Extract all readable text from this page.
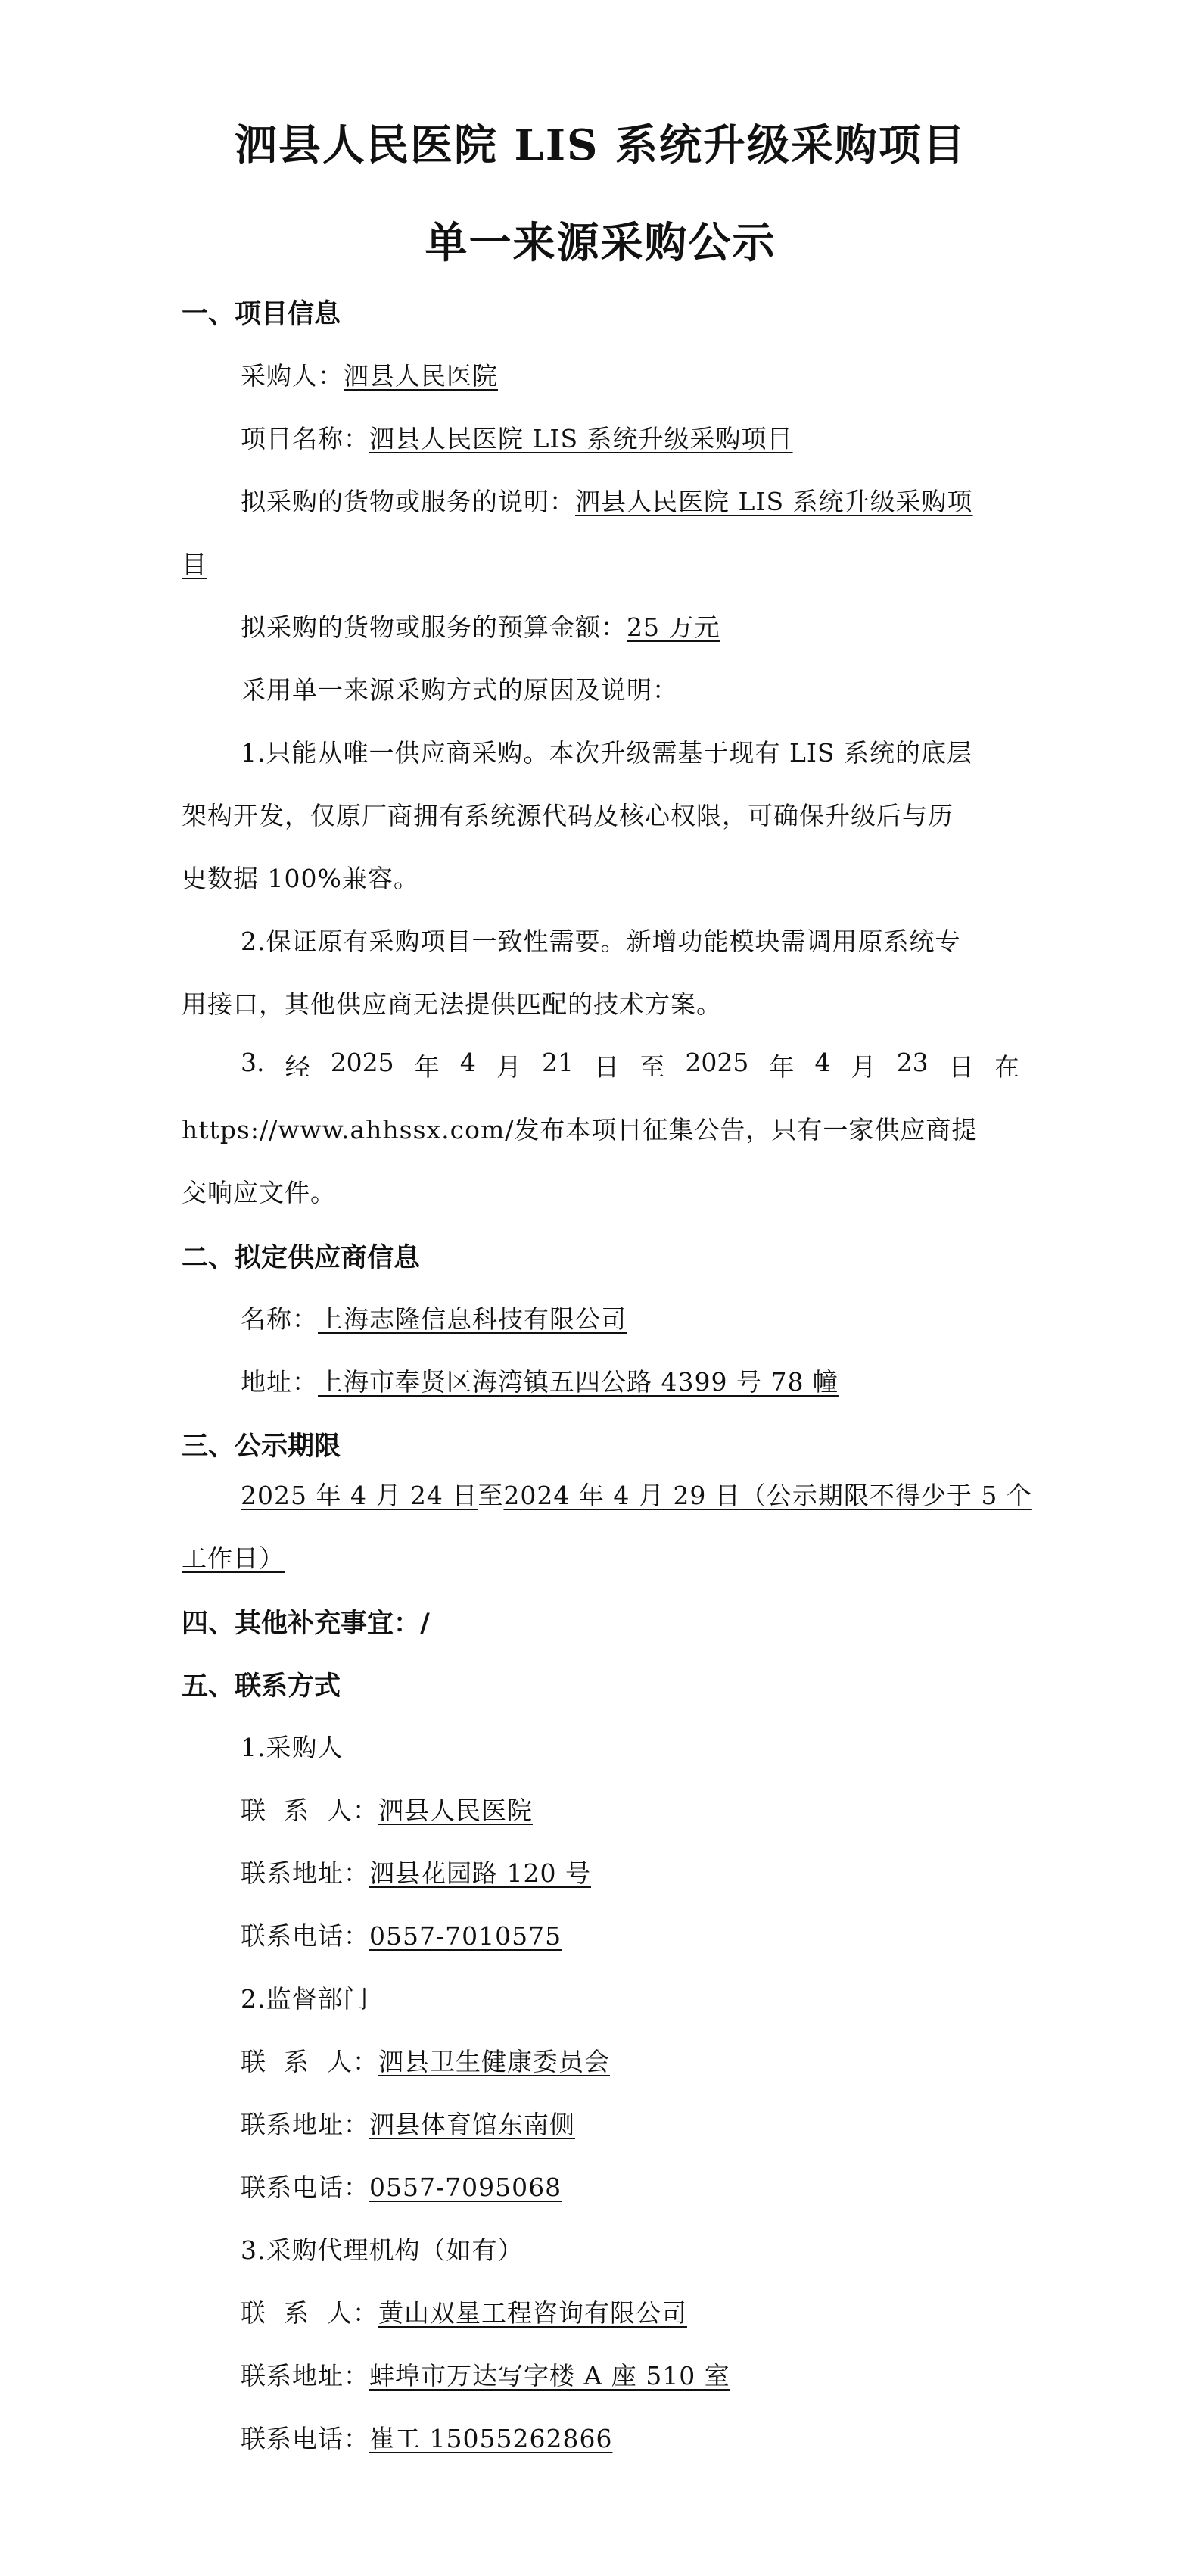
泗县人民医院 LIS 系统升级采购项目
单一来源采购公示
一、项目信息
采购人：泗县人民医院
项目名称：泗县人民医院 LIS 系统升级采购项目
拟采购的货物或服务的说明：泗县人民医院 LIS 系统升级采购项
目
拟采购的货物或服务的预算金额：25 万元
采用单一来源采购方式的原因及说明：
1.只能从唯一供应商采购。本次升级需基于现有 LIS 系统的底层
架构开发，仅原厂商拥有系统源代码及核心权限，可确保升级后与历
史数据 100%兼容。
2.保证原有采购项目一致性需要。新增功能模块需调用原系统专
用接口，其他供应商无法提供匹配的技术方案。
3. 经 2025 年 4 月 21 日 至 2025 年 4 月 23 日 在
https://www.ahhssx.com/发布本项目征集公告，只有一家供应商提
交响应文件。
二、拟定供应商信息
名称：上海志隆信息科技有限公司
地址：上海市奉贤区海湾镇五四公路 4399 号 78 幢
三、公示期限
2025 年 4 月 24 日至2024 年 4 月 29 日（公示期限不得少于 5 个
工作日）
四、其他补充事宜：/
五、联系方式
1.采购人
联  系  人：泗县人民医院
联系地址：泗县花园路 120 号
联系电话：0557-7010575
2.监督部门
联  系  人：泗县卫生健康委员会
联系地址：泗县体育馆东南侧
联系电话：0557-7095068
3.采购代理机构（如有）
联  系  人：黄山双星工程咨询有限公司
联系地址：蚌埠市万达写字楼 A 座 510 室
联系电话：崔工 15055262866
